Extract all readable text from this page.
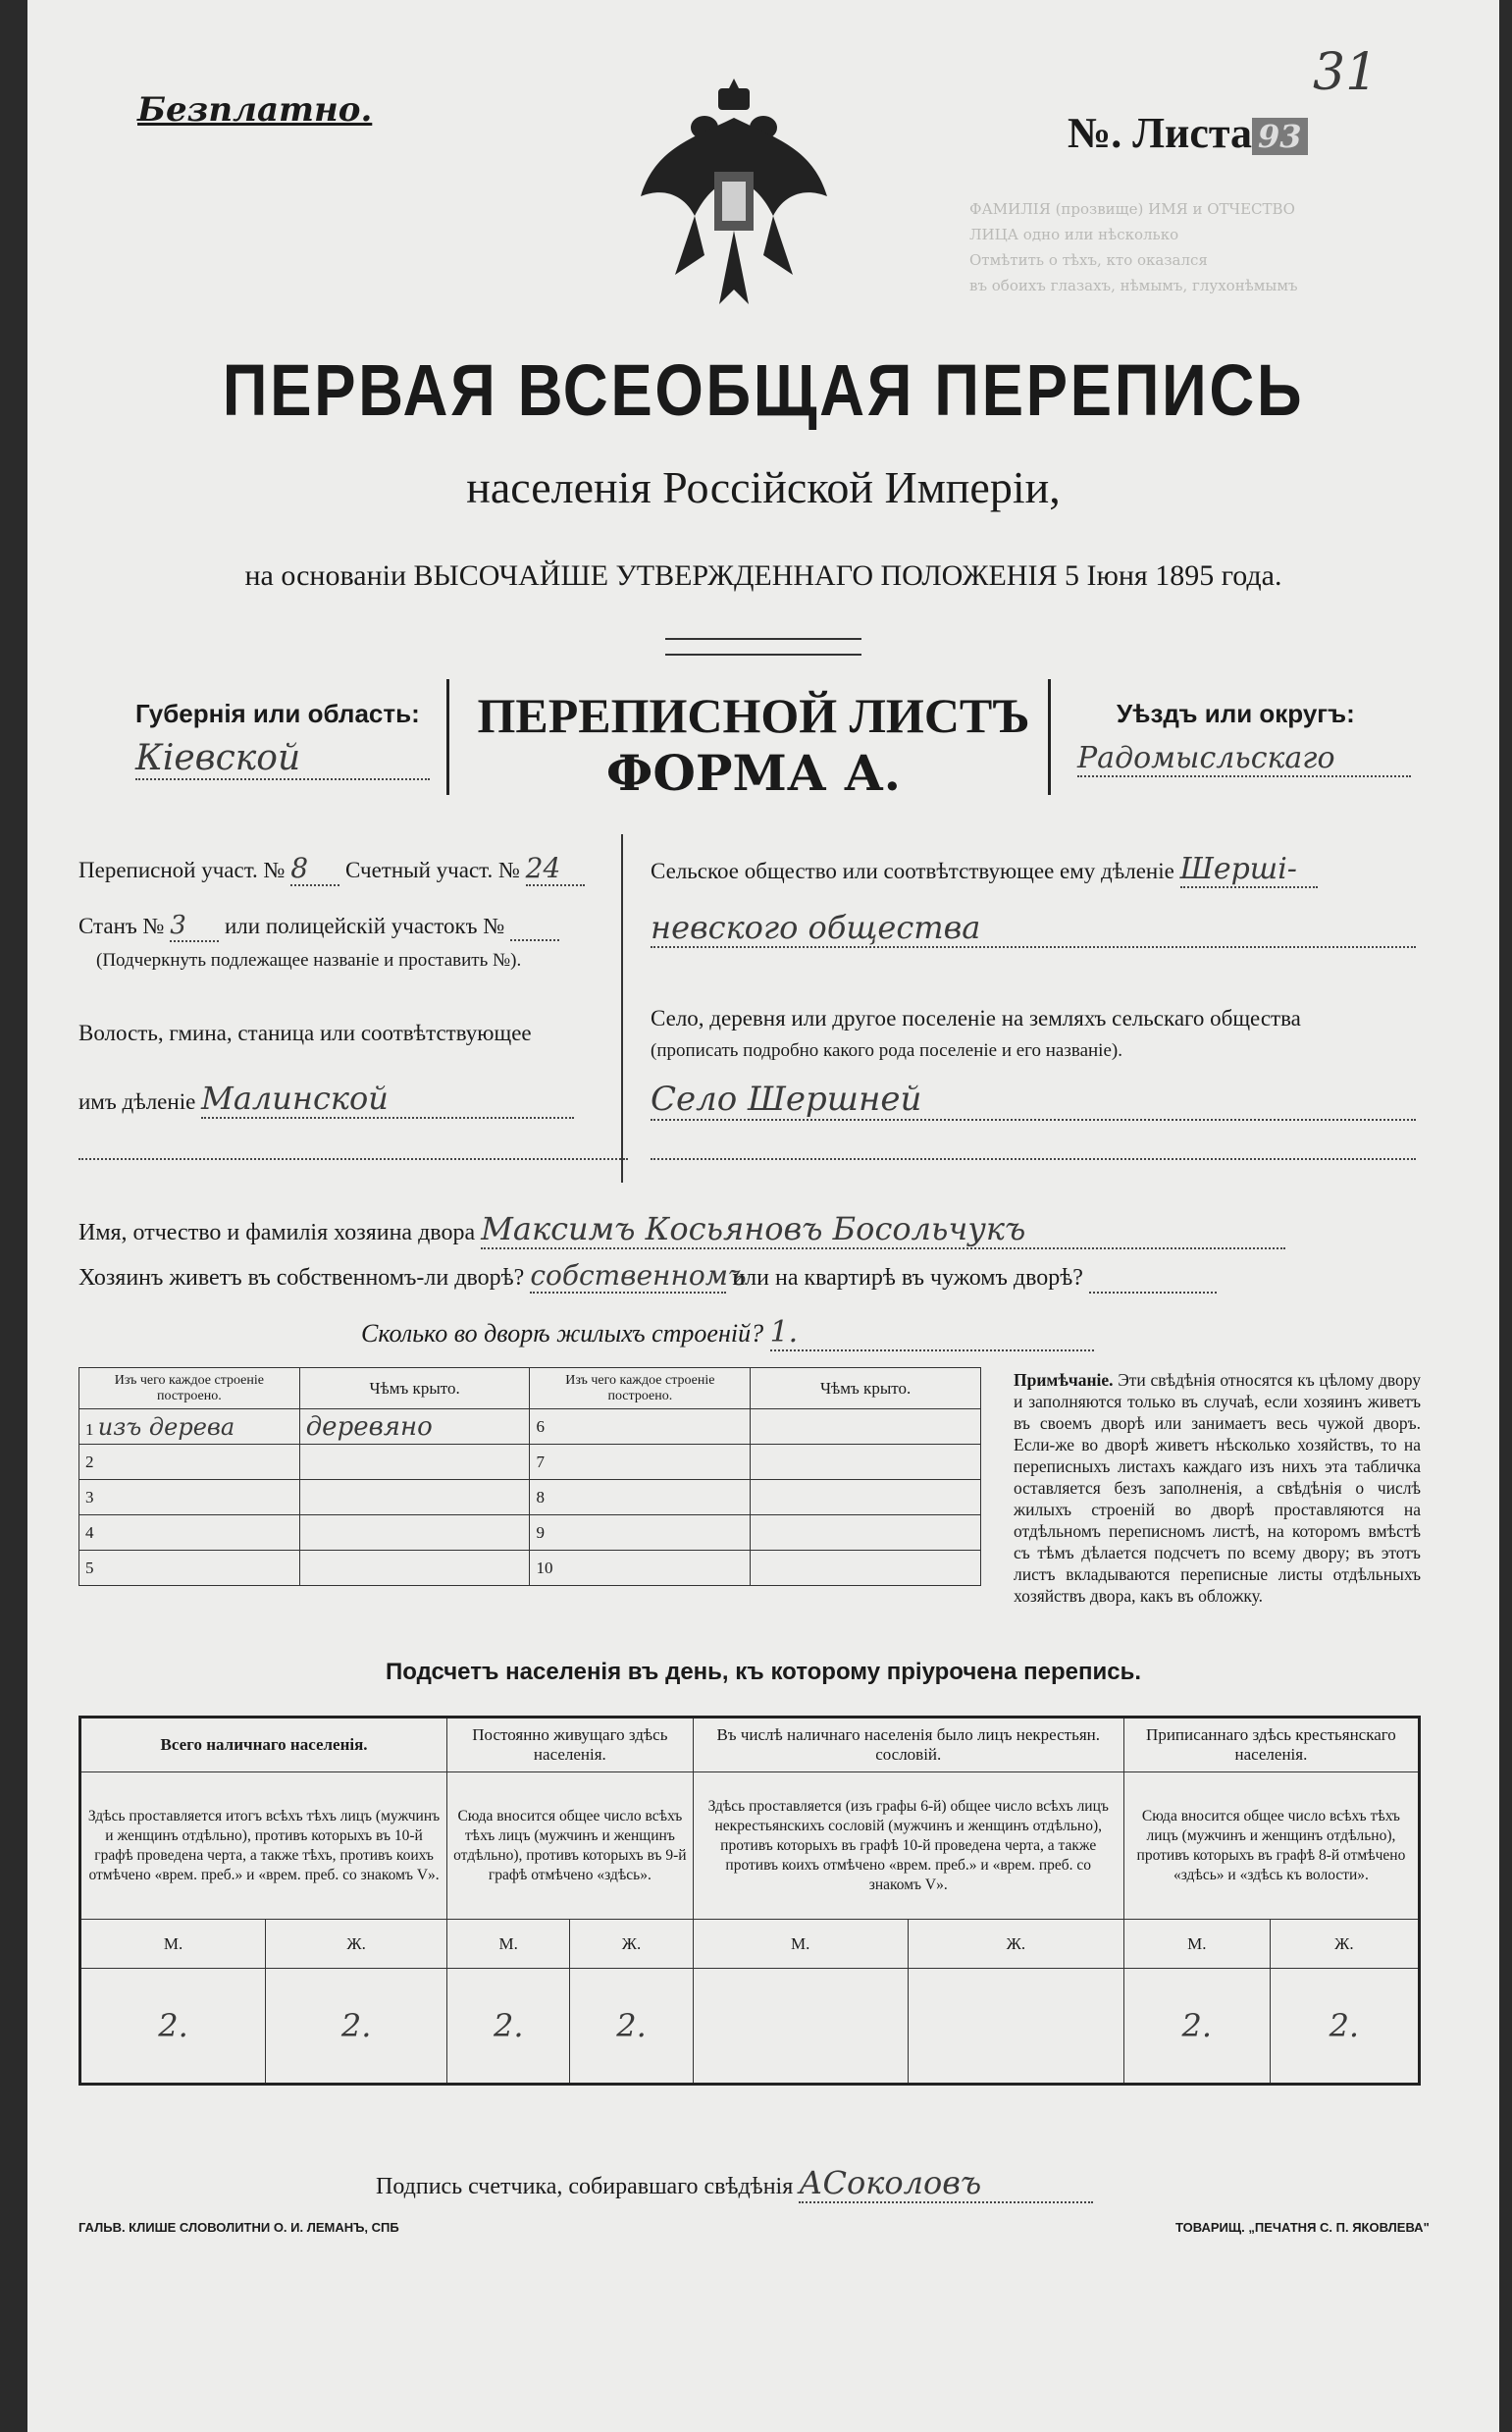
ФАМИЛІЯ (прозвище) ИМЯ и ОТЧЕСТВО
ЛИЦА одно или нѣсколько
Отмѣтить о тѣхъ, кто оказался
въ обоихъ глазахъ, нѣмымъ, глухонѣмымъ
Безплатно.	№. Листа 93
31
ПЕРВАЯ ВСЕОБЩАЯ ПЕРЕПИСЬ
населенія Россійской Имперіи,
на основаніи ВЫСОЧАЙШЕ УТВЕРЖДЕННАГО ПОЛОЖЕНІЯ 5 Іюня 1895 года.
Губернія или область:
Кіевской
ПЕРЕПИСНОЙ ЛИСТЪ
ФОРМА А.
Уѣздъ или округъ:
Радомысльскаго
Переписной участ. № 8 Счетный участ. № 24
Станъ № 3 или полицейскій участокъ №
(Подчеркнуть подлежащее названіе и проставить №).
Волость, гмина, станица или соотвѣтствующее
имъ дѣленіе Малинской
Сельское общество или соотвѣтствующее ему дѣленіе Шерші-
невского общества
Село, деревня или другое поселеніе на земляхъ сельскаго общества
(прописать подробно какого рода поселеніе и его названіе).
Село Шершней
Имя, отчество и фамилія хозяина двора Максимъ Косьяновъ Босольчукъ
Хозяинъ живетъ въ собственномъ-ли дворѣ? собственномъ или на квартирѣ въ чужомъ дворѣ?
Сколько во дворѣ жилыхъ строеній? 1.
Изъ чего каждое строеніе построено.	Чѣмъ крыто.	Изъ чего каждое строеніе построено.	Чѣмъ крыто.
1 изъ дерева	деревяно	6	
2		7	
3		8	
4		9	
5		10	
Примѣчаніе. Эти свѣдѣнія относятся къ цѣлому двору и заполняются только въ случаѣ, если хозяинъ живетъ въ своемъ дворѣ или занимаетъ весь чужой дворъ. Если-же во дворѣ живетъ нѣсколько хозяйствъ, то на переписныхъ листахъ каждаго изъ нихъ эта табличка оставляется безъ заполненія, а свѣдѣнія о числѣ жилыхъ строеній во дворѣ проставляются на отдѣльномъ переписномъ листѣ, на которомъ вмѣстѣ съ тѣмъ дѣлается подсчетъ по всему двору; въ этотъ листъ вкладываются переписные листы отдѣльныхъ хозяйствъ двора, какъ въ обложку.
Подсчетъ населенія въ день, къ которому пріурочена перепись.
Всего наличнаго населенія.		Постоянно живущаго здѣсь населенія.		Въ числѣ наличнаго населенія было лицъ некрестьян. сословій.		Приписаннаго здѣсь крестьянскаго населенія.	
Здѣсь проставляется итогъ всѣхъ тѣхъ лицъ (мужчинъ и женщинъ отдѣльно), противъ которыхъ въ 10-й графѣ проведена черта, а также тѣхъ, противъ коихъ отмѣчено «врем. преб.» и «врем. преб. со знакомъ V».		Сюда вносится общее число всѣхъ тѣхъ лицъ (мужчинъ и женщинъ отдѣльно), противъ которыхъ въ 9-й графѣ отмѣчено «здѣсь».		Здѣсь проставляется (изъ графы 6-й) общее число всѣхъ лицъ некрестьянскихъ сословій (мужчинъ и женщинъ отдѣльно), противъ которыхъ въ графѣ 10-й проведена черта, а также противъ коихъ отмѣчено «врем. преб.» и «врем. преб. со знакомъ V».		Сюда вносится общее число всѣхъ тѣхъ лицъ (мужчинъ и женщинъ отдѣльно), противъ которыхъ въ графѣ 8-й отмѣчено «здѣсь» и «здѣсь къ волости».	
М.	Ж.	М.	Ж.	М.	Ж.	М.	Ж.
2.	2.	2.	2.			2.	2.
Подпись счетчика, собиравшаго свѣдѣнія АСоколовъ
ГАЛЬВ. КЛИШЕ СЛОВОЛИТНИ О. И. ЛЕМАНЪ, СПБ	ТОВАРИЩ. „ПЕЧАТНЯ С. П. ЯКОВЛЕВА"
